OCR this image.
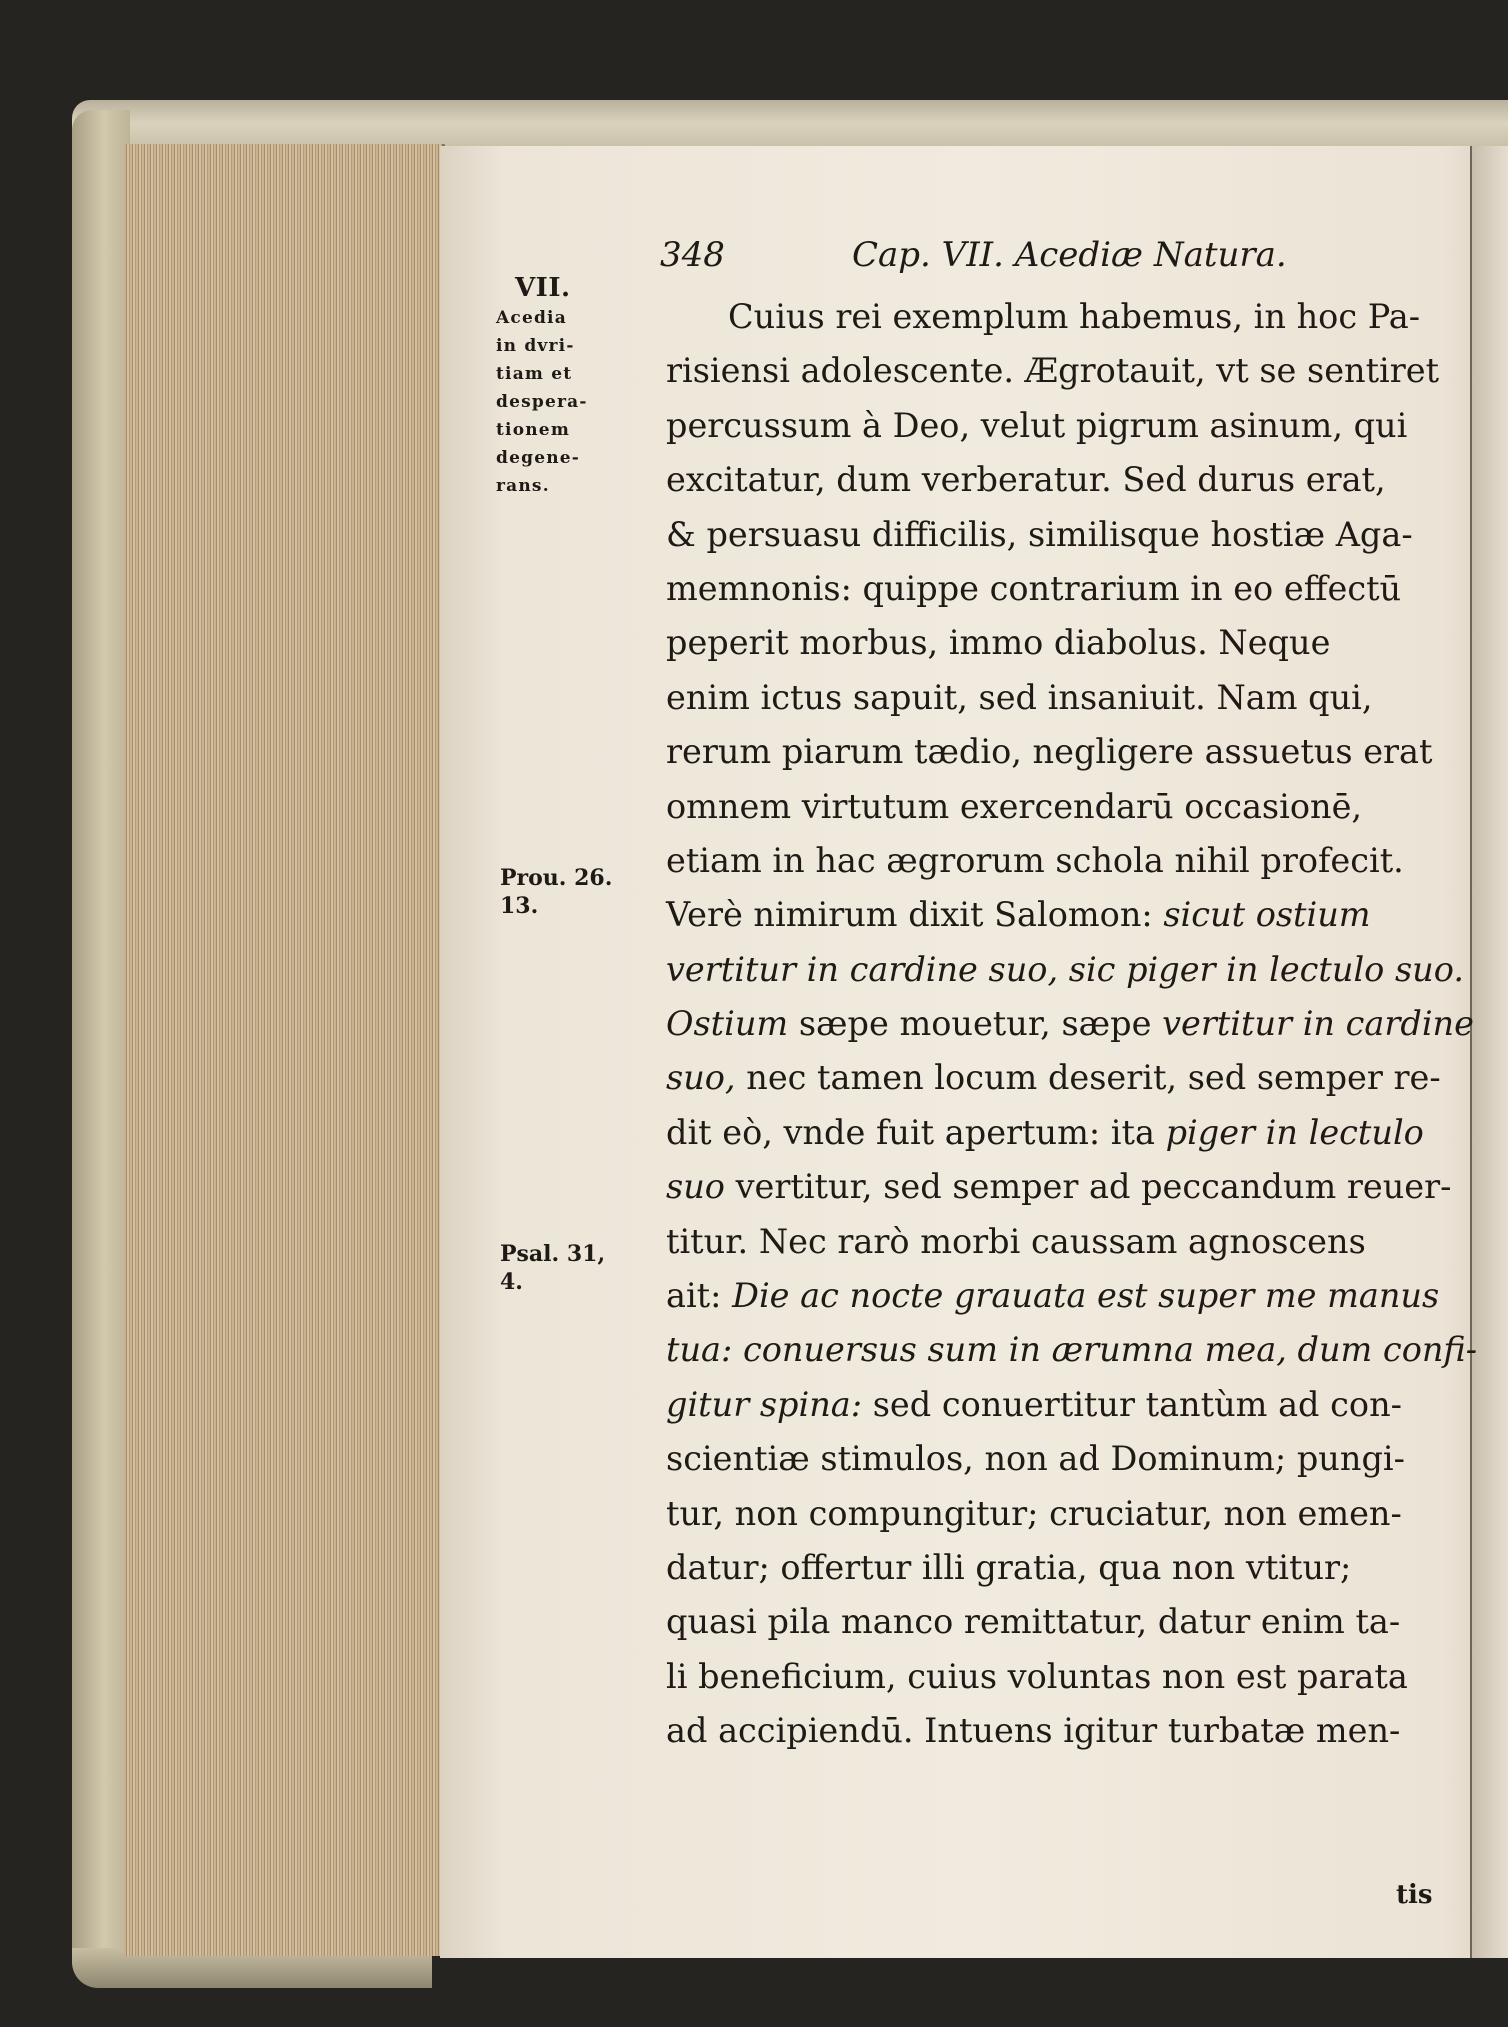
348	Cap. VII. Acediæ Natura.
VII.
Acedia
in dvri-
tiam et
despera-
tionem
degene-
rans.
Prou. 26.
13.
Psal. 31,
4.
Cuius rei exemplum habemus, in hoc Pa-
risiensi adolescente. Ægrotauit, vt se sentiret
percussum à Deo, velut pigrum asinum, qui
excitatur, dum verberatur. Sed durus erat,
& persuasu difficilis, similisque hostiæ Aga-
memnonis: quippe contrarium in eo effectū
peperit morbus, immo diabolus. Neque
enim ictus sapuit, sed insaniuit. Nam qui,
rerum piarum tædio, negligere assuetus erat
omnem virtutum exercendarū occasionē,
etiam in hac ægrorum schola nihil profecit.
Verè nimirum dixit Salomon: sicut ostium
vertitur in cardine suo, sic piger in lectulo suo.
Ostium sæpe mouetur, sæpe vertitur in cardine
suo, nec tamen locum deserit, sed semper re-
dit eò, vnde fuit apertum: ita piger in lectulo
suo vertitur, sed semper ad peccandum reuer-
titur. Nec rarò morbi caussam agnoscens
ait: Die ac nocte grauata est super me manus
tua: conuersus sum in ærumna mea, dum confi-
gitur spina: sed conuertitur tantùm ad con-
scientiæ stimulos, non ad Dominum; pungi-
tur, non compungitur; cruciatur, non emen-
datur; offertur illi gratia, qua non vtitur;
quasi pila manco remittatur, datur enim ta-
li beneficium, cuius voluntas non est parata
ad accipiendū. Intuens igitur turbatæ men-
tis
